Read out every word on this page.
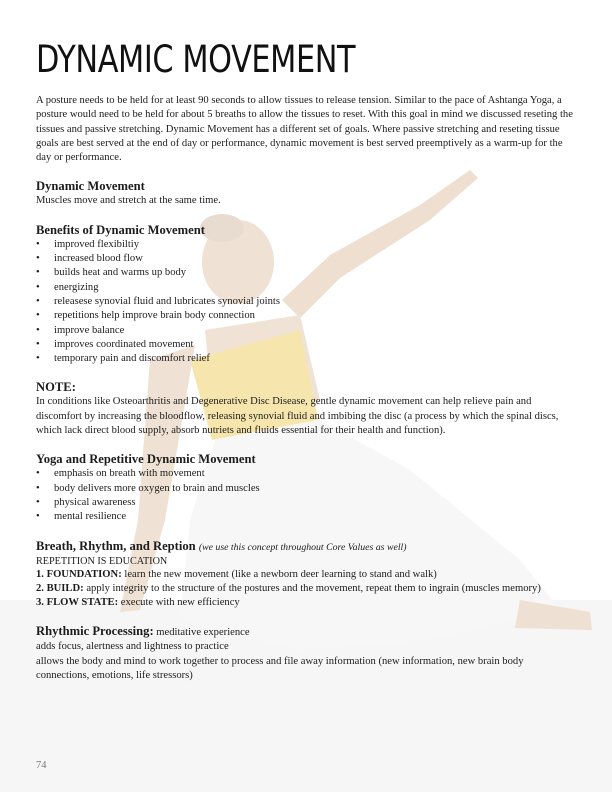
DYNAMIC MOVEMENT

A posture needs to be held for at least 90 seconds to allow tissues to release tension. Similar to the pace of Ashtanga Yoga, a posture would need to be held for about 5 breaths to allow the tissues to reset. With this goal in mind we discussed reseting the tissues and passive stretching. Dynamic Movement has a different set of goals. Where passive stretching and reseting tissue goals are best served at the end of day or performance, dynamic movement is best served preemptively as a warm-up for the day or performance.

Dynamic Movement

Muscles move and stretch at the same time.

Benefits of Dynamic Movement
• improved flexibiltiy
• increased blood flow
• builds heat and warms up body
• energizing
• releasese synovial fluid and lubricates synovial joints
• repetitions help improve brain body connection
• improve balance
• improves coordinated movement
• temporary pain and discomfort relief
NOTE:

In conditions like Osteoarthritis and Degenerative Disc Disease, gentle dynamic movement can help relieve pain and discomfort by increasing the bloodflow, releasing synovial fluid and imbibing the disc (a process by which the spinal discs, which lack direct blood supply, absorb nutriets and fluids essential for their health and function).

Yoga and Repetitive Dynamic Movement
• emphasis on breath with movement
• body delivers more oxygen to brain and muscles
• physical awareness
• mental resilience
Breath, Rhythm, and Reption (we use this concept throughout Core Values as well)
REPETITION IS EDUCATION
1. FOUNDATION: learn the new movement (like a newborn deer learning to stand and walk)
2. BUILD: apply integrity to the structure of the postures and the movement, repeat them to ingrain (muscles memory)
3. FLOW STATE: execute with new efficiency
Rhythmic Processing: meditative experience

adds focus, alertness and lightness to practice

allows the body and mind to work together to process and file away information (new information, new brain body connections, emotions, life stressors)

74
